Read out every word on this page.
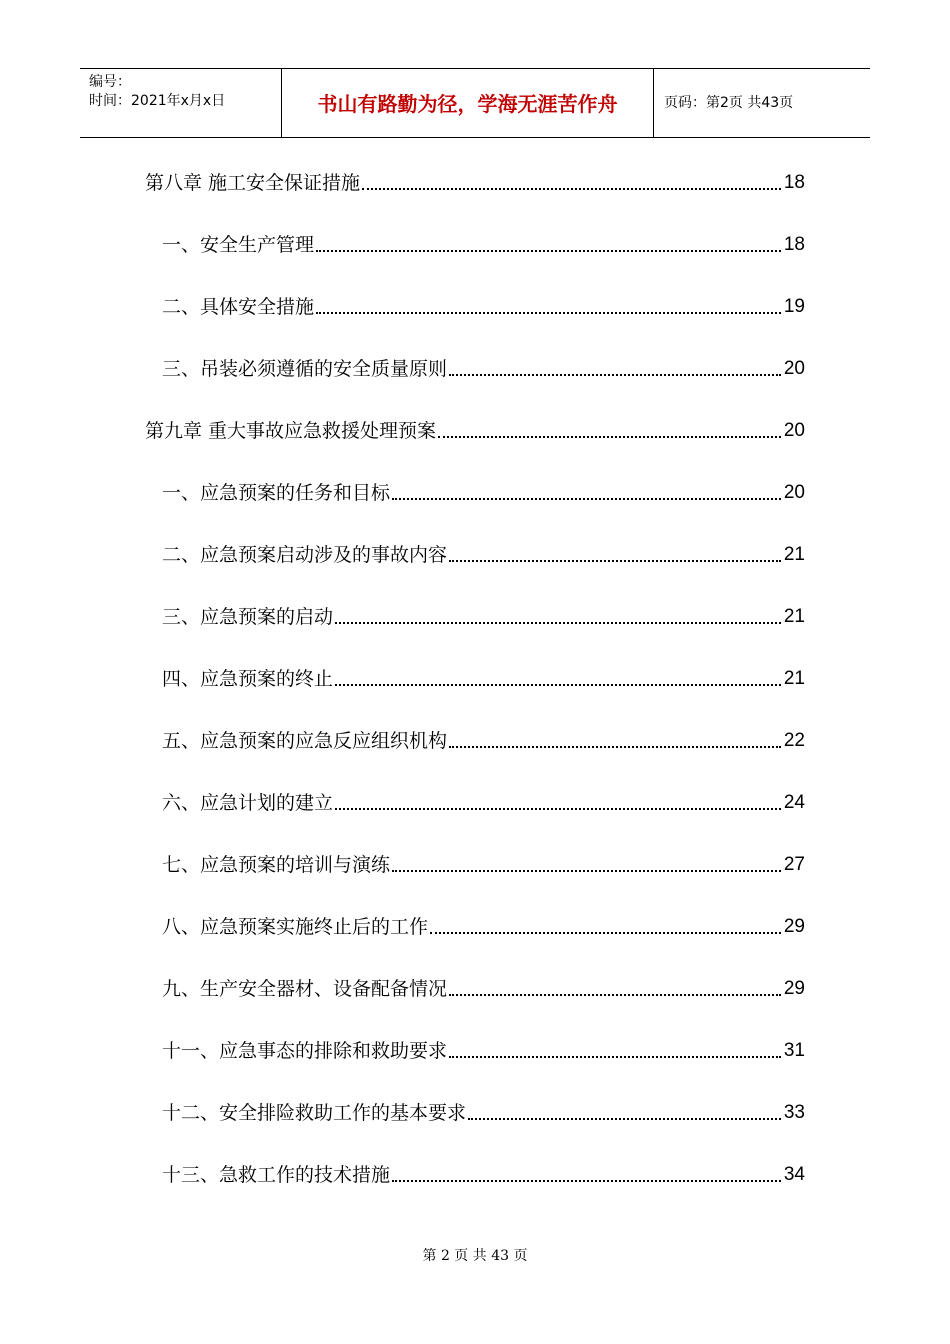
编号：
时间：2021年x月x日	书山有路勤为径，学海无涯苦作舟	页码：第2页 共43页
第八章 施工安全保证措施	18
一、安全生产管理	18
二、具体安全措施	19
三、吊装必须遵循的安全质量原则	20
第九章 重大事故应急救援处理预案	20
一、应急预案的任务和目标	20
二、应急预案启动涉及的事故内容	21
三、应急预案的启动	21
四、应急预案的终止	21
五、应急预案的应急反应组织机构	22
六、应急计划的建立	24
七、应急预案的培训与演练	27
八、应急预案实施终止后的工作	29
九、生产安全器材、设备配备情况	29
十一、应急事态的排除和救助要求	31
十二、安全排险救助工作的基本要求	33
十三、急救工作的技术措施	34
第 2 页 共 43 页
